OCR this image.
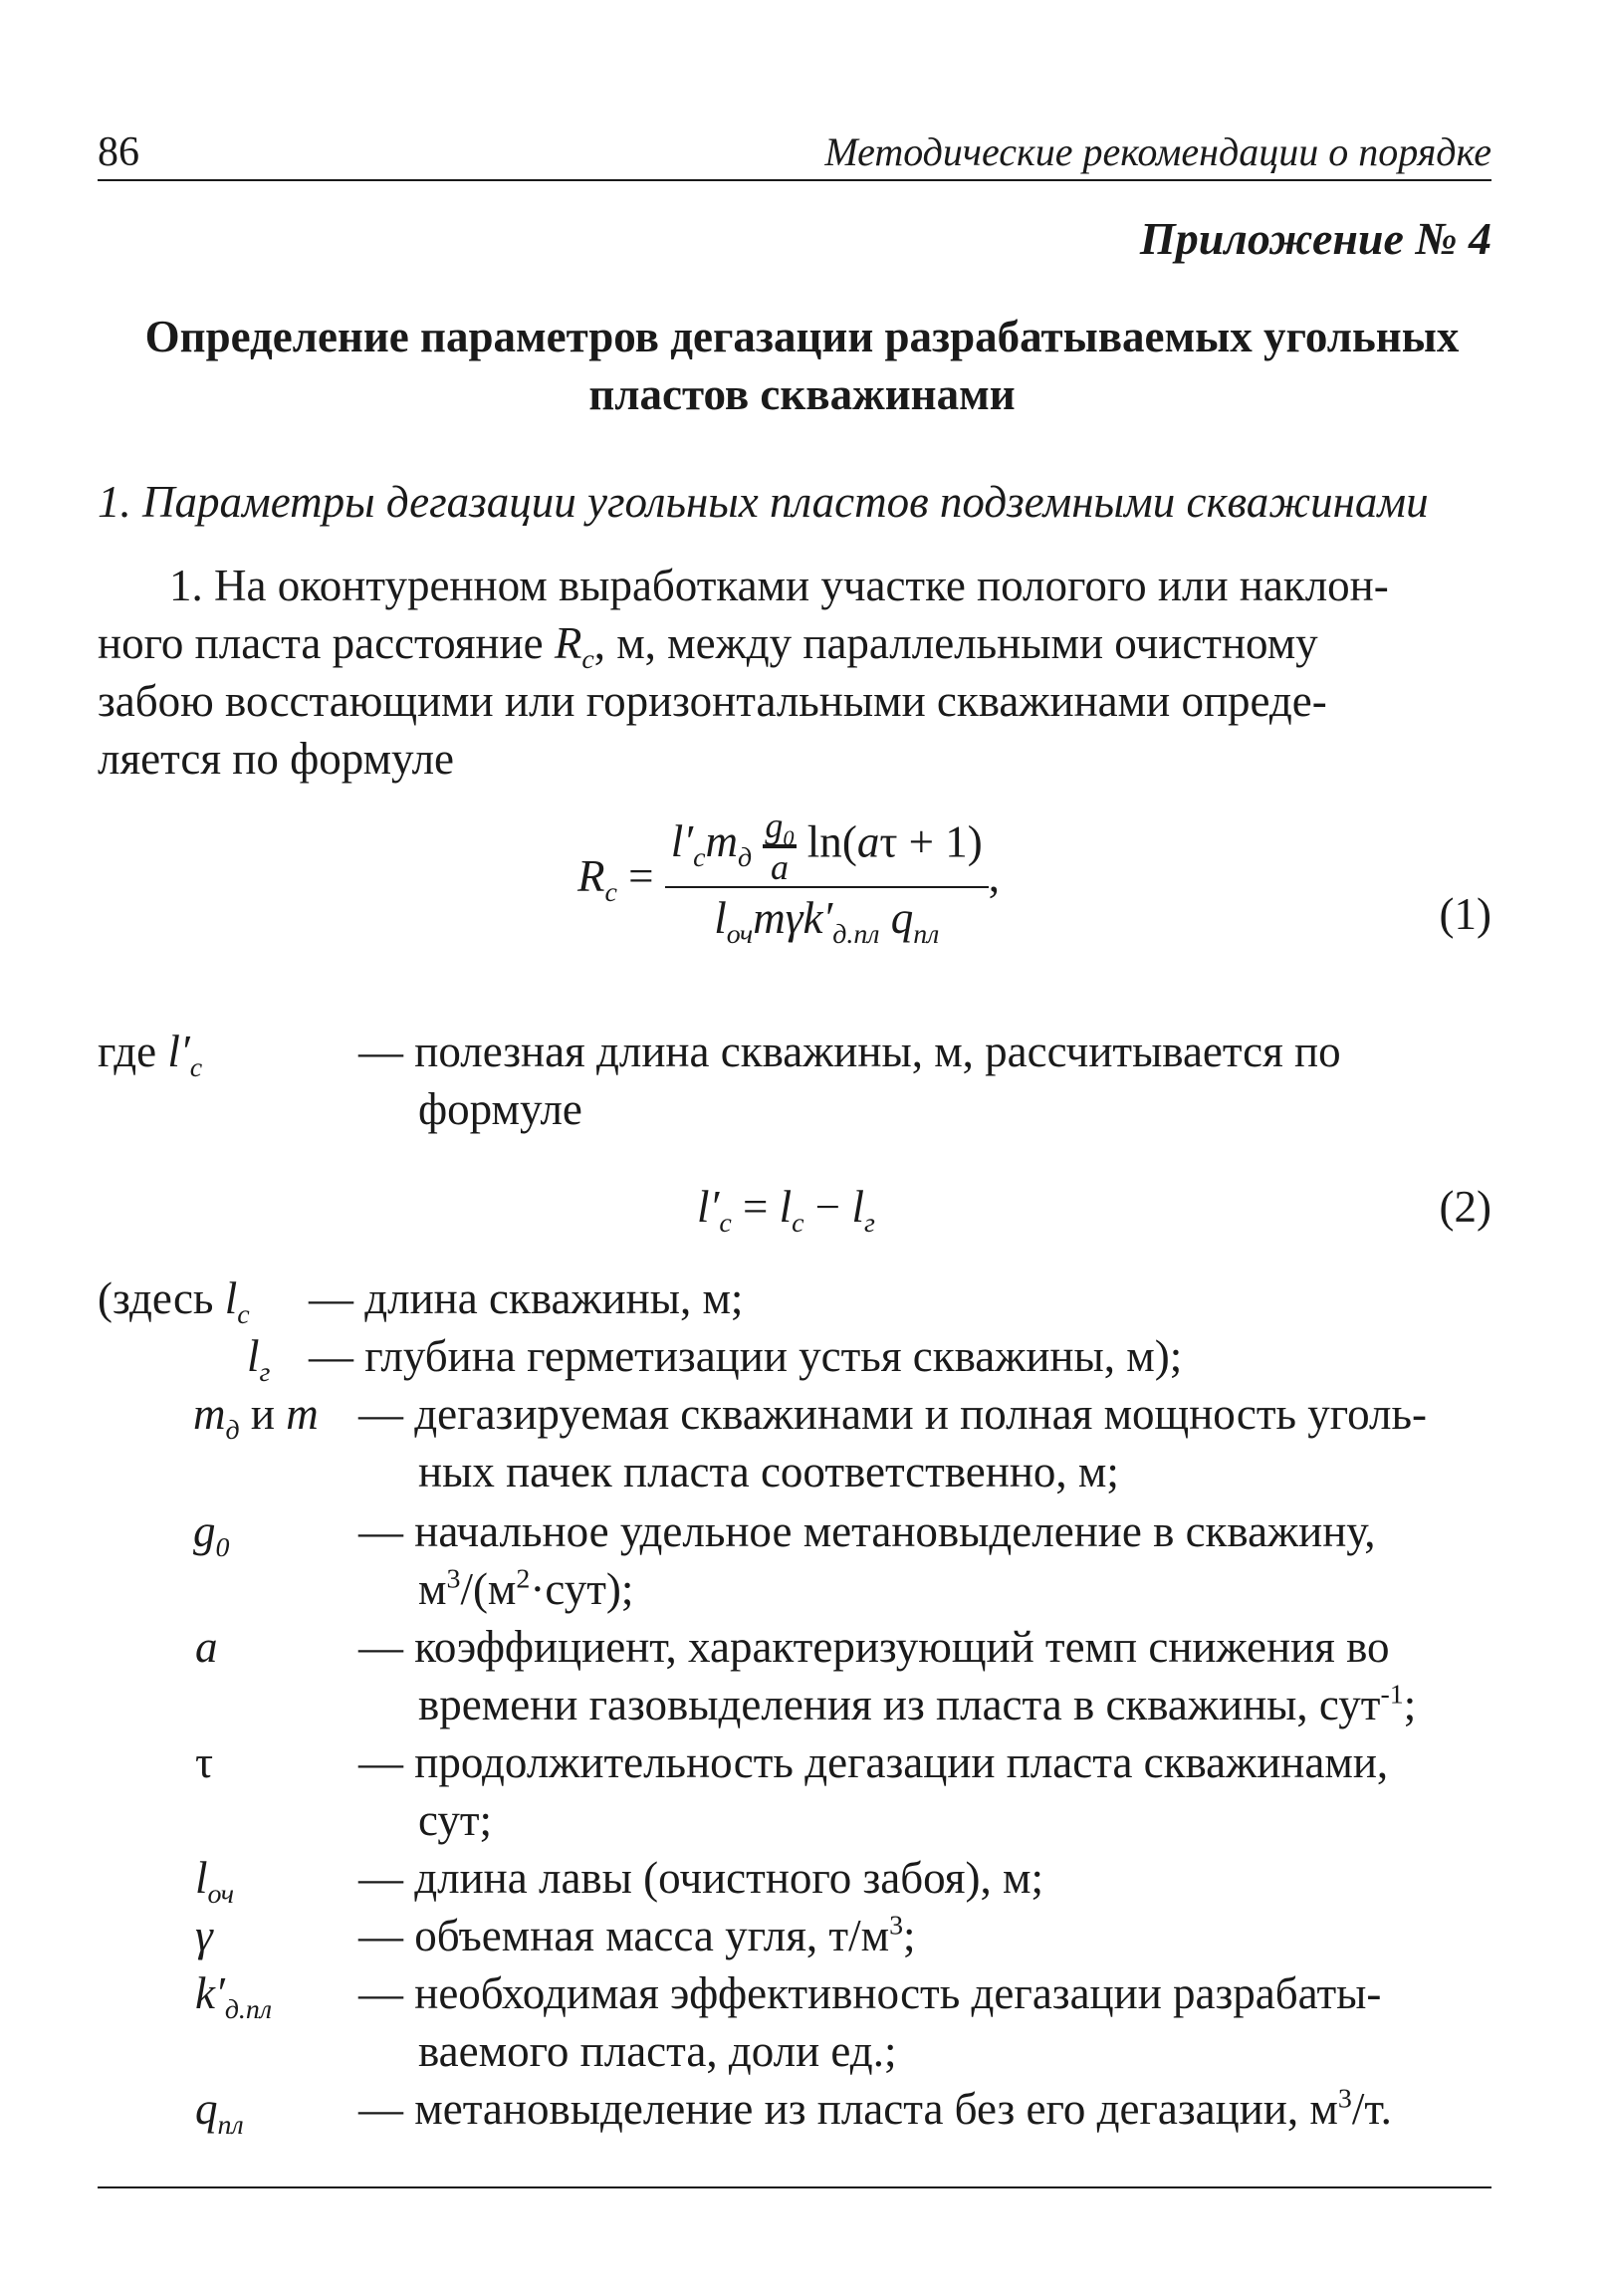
86	Методические рекомендации о порядке
Приложение № 4
Определение параметров дегазации разрабатываемых угольных
пластов скважинами
1. Параметры дегазации угольных пластов подземными скважинами
1. На оконтуренном выработками участке пологого или наклон-
ного пласта расстояние $R_с$, м, между параллельными очистному
забою восстающими или горизонтальными скважинами опреде-
ляется по формуле
$R_с = \frac{l'_сm_д \frac{g_0}{a} \ln(a\tau + 1)}{l_{оч}m\gamma k'_{д.пл} q_{пл}}$ ,
(1)
где $l'_с$	— полезная длина скважины, м, рассчитывается по
формуле
$l'_с = l_с - l_г$	(2)
(здесь $l_с$ — длина скважины, м;
$l_г$ — глубина герметизации устья скважины, м);
$m_д$ и m — дегазируемая скважинами и полная мощность уголь-
ных пачек пласта соответственно, м;
$g_0$	— начальное удельное метановыделение в скважину,
$м^3/(м^2\cdot сут)$;
a	— коэффициент, характеризующий темп снижения во
времени газовыделения из пласта в скважины, сут$^{-1}$;
τ	— продолжительность дегазации пласта скважинами,
сут;
$l_{оч}$	— длина лавы (очистного забоя), м;
γ	— объемная масса угля, $т/м^3$;
$k'_{д.пл}$ — необходимая эффективность дегазации разрабаты-
ваемого пласта, доли ед.;
$q_{пл}$	— метановыделение из пласта без его дегазации, $м^3/т$.
